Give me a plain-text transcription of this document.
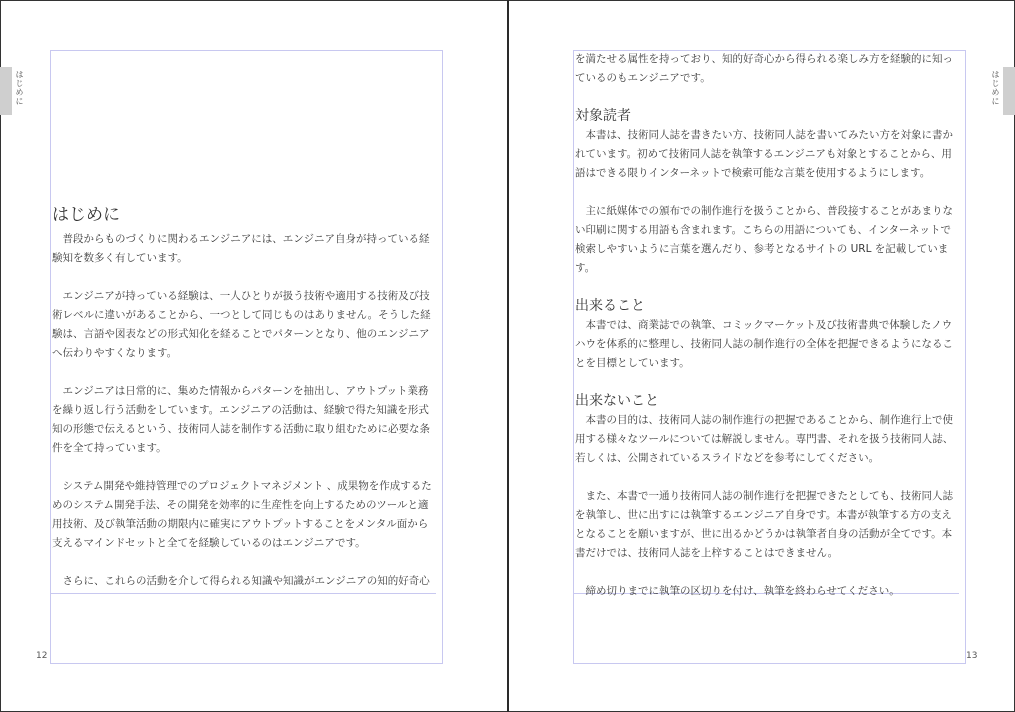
はじめに
はじめに

普段からものづくりに関わるエンジニアには、エンジニア自身が持っている経験知を数多く有しています。

エンジニアが持っている経験は、一人ひとりが扱う技術や適用する技術及び技術レベルに違いがあることから、一つとして同じものはありません。そうした経験は、言語や図表などの形式知化を経ることでパターンとなり、他のエンジニアへ伝わりやすくなります。

エンジニアは日常的に、集めた情報からパターンを抽出し、アウトプット業務を繰り返し行う活動をしています。エンジニアの活動は、経験で得た知識を形式知の形態で伝えるという、技術同人誌を制作する活動に取り組むために必要な条件を全て持っています。

システム開発や維持管理でのプロジェクトマネジメント 、成果物を作成するためのシステム開発手法、その開発を効率的に生産性を向上するためのツールと適用技術、及び執筆活動の期限内に確実にアウトプットすることをメンタル面から支えるマインドセットと全てを経験しているのはエンジニアです。

さらに、これらの活動を介して得られる知識や知識がエンジニアの知的好奇心

12
はじめに

を満たせる属性を持っており、知的好奇心から得られる楽しみ方を経験的に知っているのもエンジニアです。

対象読者

本書は、技術同人誌を書きたい方、技術同人誌を書いてみたい方を対象に書かれています。初めて技術同人誌を執筆するエンジニアも対象とすることから、用語はできる限りインターネットで検索可能な言葉を使用するようにします。

主に紙媒体での頒布での制作進行を扱うことから、普段接することがあまりない印刷に関する用語も含まれます。こちらの用語についても、インターネットで検索しやすいように言葉を選んだり、参考となるサイトの URL を記載しています。

出来ること

本書では、商業誌での執筆、コミックマーケット及び技術書典で体験したノウハウを体系的に整理し、技術同人誌の制作進行の全体を把握できるようになることを目標としています。

出来ないこと

本書の目的は、技術同人誌の制作進行の把握であることから、制作進行上で使用する様々なツールについては解説しません。専門書、それを扱う技術同人誌、若しくは、公開されているスライドなどを参考にしてください。

また、本書で一通り技術同人誌の制作進行を把握できたとしても、技術同人誌を執筆し、世に出すには執筆するエンジニア自身です。本書が執筆する方の支えとなることを願いますが、世に出るかどうかは執筆者自身の活動が全てです。本書だけでは、技術同人誌を上梓することはできません。

締め切りまでに執筆の区切りを付け、執筆を終わらせてください。

13
